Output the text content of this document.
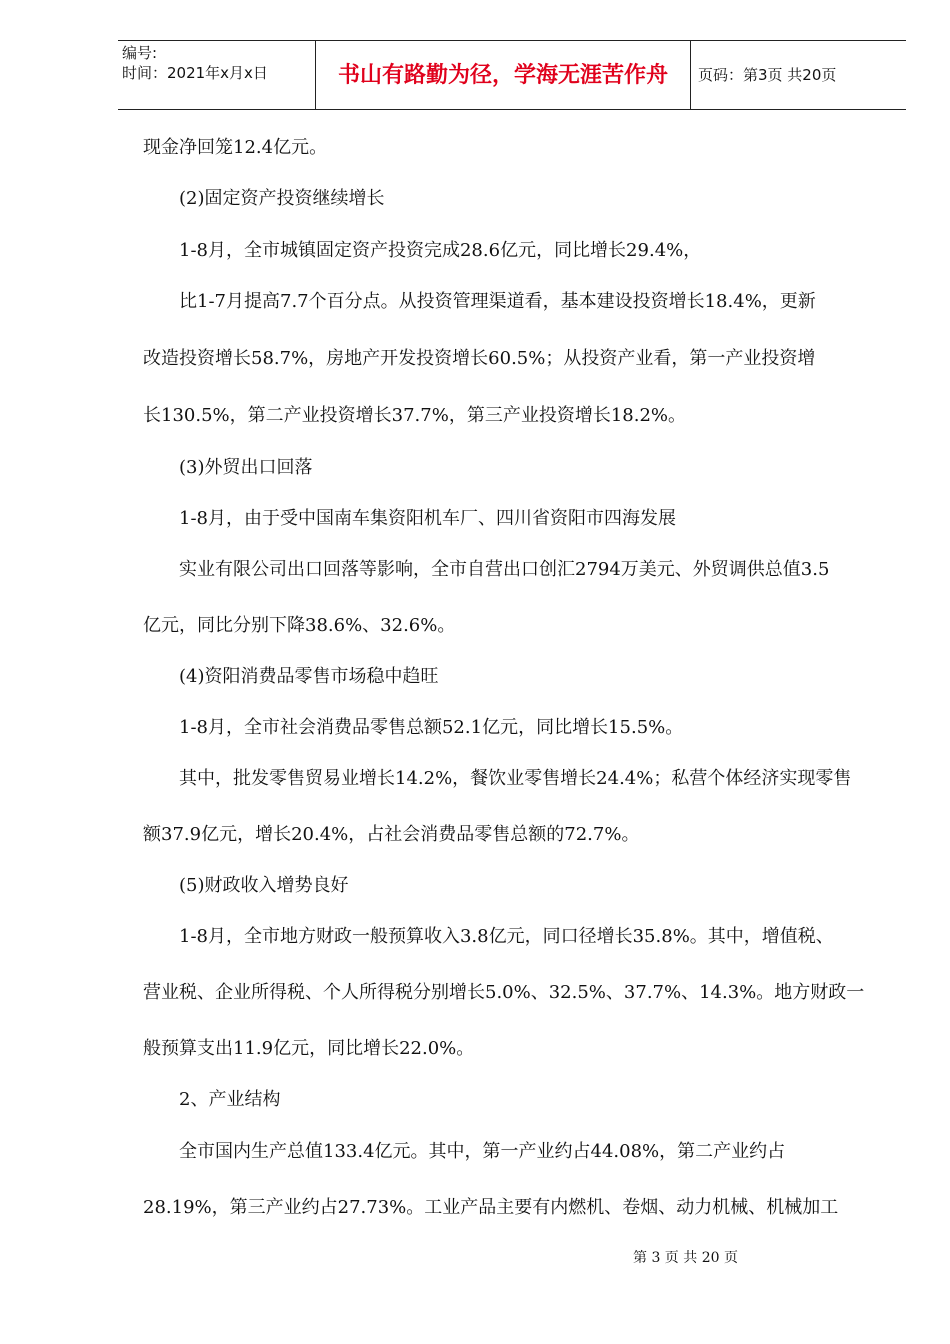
编号:
时间：2021年x月x日	书山有路勤为径，学海无涯苦作舟	页码：第3页 共20页
现金净回笼12.4亿元。
(2)固定资产投资继续增长
1-8月，全市城镇固定资产投资完成28.6亿元，同比增长29.4%，
比1-7月提高7.7个百分点。从投资管理渠道看，基本建设投资增长18.4%，更新
改造投资增长58.7%，房地产开发投资增长60.5%；从投资产业看，第一产业投资增
长130.5%，第二产业投资增长37.7%，第三产业投资增长18.2%。
(3)外贸出口回落
1-8月，由于受中国南车集资阳机车厂、四川省资阳市四海发展
实业有限公司出口回落等影响，全市自营出口创汇2794万美元、外贸调供总值3.5
亿元，同比分别下降38.6%、32.6%。
(4)资阳消费品零售市场稳中趋旺
1-8月，全市社会消费品零售总额52.1亿元，同比增长15.5%。
其中，批发零售贸易业增长14.2%，餐饮业零售增长24.4%；私营个体经济实现零售
额37.9亿元，增长20.4%，占社会消费品零售总额的72.7%。
(5)财政收入增势良好
1-8月，全市地方财政一般预算收入3.8亿元，同口径增长35.8%。其中，增值税、
营业税、企业所得税、个人所得税分别增长5.0%、32.5%、37.7%、14.3%。地方财政一
般预算支出11.9亿元，同比增长22.0%。
2、产业结构
全市国内生产总值133.4亿元。其中，第一产业约占44.08%，第二产业约占
28.19%，第三产业约占27.73%。工业产品主要有内燃机、卷烟、动力机械、机械加工
第 3 页 共 20 页
